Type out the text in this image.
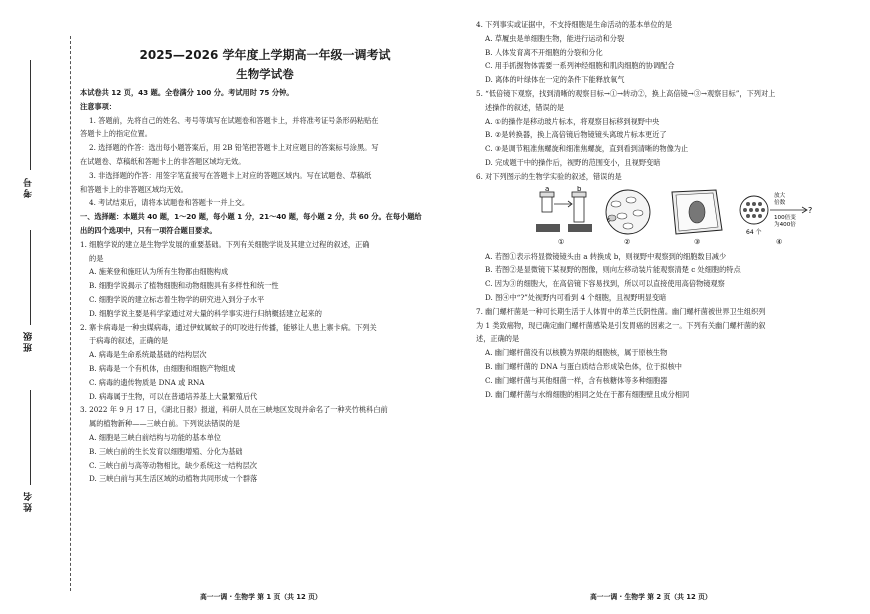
考号
班级
姓名
2025—2026 学年度上学期高一年级一调考试
生物学试卷

本试卷共 12 页，43 题。全卷满分 100 分。考试用时 75 分钟。

注意事项：

1. 答题前，先将自己的姓名、考号等填写在试题卷和答题卡上，并将准考证号条形码粘贴在

答题卡上的指定位置。

2. 选择题的作答：选出每小题答案后，用 2B 铅笔把答题卡上对应题目的答案标号涂黑。写

在试题卷、草稿纸和答题卡上的非答题区域均无效。

3. 非选择题的作答：用签字笔直接写在答题卡上对应的答题区域内。写在试题卷、草稿纸

和答题卡上的非答题区域均无效。

4. 考试结束后，请将本试题卷和答题卡一并上交。

一、选择题：本题共 40 题，1～20 题，每小题 1 分，21～40 题，每小题 2 分，共 60 分。在每小题给

出的四个选项中，只有一项符合题目要求。

1. 细胞学说的建立是生物学发展的重要基础。下列有关细胞学说及其建立过程的叙述，正确

的是

A. 施莱登和施旺认为所有生物都由细胞构成

B. 细胞学说揭示了植物细胞和动物细胞具有多样性和统一性

C. 细胞学说的建立标志着生物学的研究进入到分子水平

D. 细胞学说主要是科学家通过对大量的科学事实进行归纳概括建立起来的

2. 寨卡病毒是一种虫媒病毒，通过伊蚊属蚊子的叮咬进行传播，能够让人患上寨卡病。下列关

于病毒的叙述，正确的是

A. 病毒是生命系统最基础的结构层次

B. 病毒是一个有机体，由细胞和细胞产物组成

C. 病毒的遗传物质是 DNA 或 RNA

D. 病毒属于生物，可以在普通培养基上大量繁殖后代

3. 2022 年 9 月 17 日，《湖北日报》报道，科研人员在三峡地区发现并命名了一种夹竹桃科白前

属的植物新种——三峡白前。下列说法错误的是

A. 细胞是三峡白前结构与功能的基本单位

B. 三峡白前的生长发育以细胞增殖、分化为基础

C. 三峡白前与高等动物相比，缺少系统这一结构层次

D. 三峡白前与其生活区域的动植物共同形成一个群落

4. 下列事实或证据中，不支持细胞是生命活动的基本单位的是

A. 草履虫是单细胞生物，能进行运动和分裂

B. 人体发育离不开细胞的分裂和分化

C. 用手抓握物体需要一系列神经细胞和肌肉细胞的协调配合

D. 离体的叶绿体在一定的条件下能释放氧气

5. “低倍镜下观察，找到清晰的观察目标→①→转动②，换上高倍镜→③→观察目标”，下列对上

述操作的叙述，错误的是

A. ①的操作是移动玻片标本，将观察目标移到视野中央

B. ②是转换器，换上高倍镜后物镜镜头离玻片标本更近了

C. ③是调节粗准焦螺旋和细准焦螺旋，直到看到清晰的物像为止

D. 完成题干中的操作后，视野的范围变小，且视野变暗

6. 对下列图示的生物学实验的叙述，错误的是

a	b
c
64 个
放大
倍数
100倍变
为400倍
?
①	②	③	④

A. 若图①表示将显微镜镜头由 a 转换成 b，则视野中观察到的细胞数目减少

B. 若图②是显微镜下某视野的图像，则向左移动装片能观察清楚 c 处细胞的特点

C. 因为③的细胞大，在高倍镜下容易找到，所以可以直接使用高倍物镜观察

D. 图④中“?”处视野内可看到 4 个细胞，且视野明显变暗

7. 幽门螺杆菌是一种可长期生活于人体胃中的革兰氏阴性菌。幽门螺杆菌被世界卫生组织列

为 1 类致癌物，现已确定幽门螺杆菌感染是引发胃癌的因素之一。下列有关幽门螺杆菌的叙

述，正确的是

A. 幽门螺杆菌没有以核膜为界限的细胞核，属于原核生物

B. 幽门螺杆菌的 DNA 与蛋白质结合形成染色体，位于拟核中

C. 幽门螺杆菌与其他细菌一样，含有核糖体等多种细胞器

D. 幽门螺杆菌与水绵细胞的相同之处在于都有细胞壁且成分相同

高一一调 · 生物学 第 1 页（共 12 页）	高一一调 · 生物学 第 2 页（共 12 页）
